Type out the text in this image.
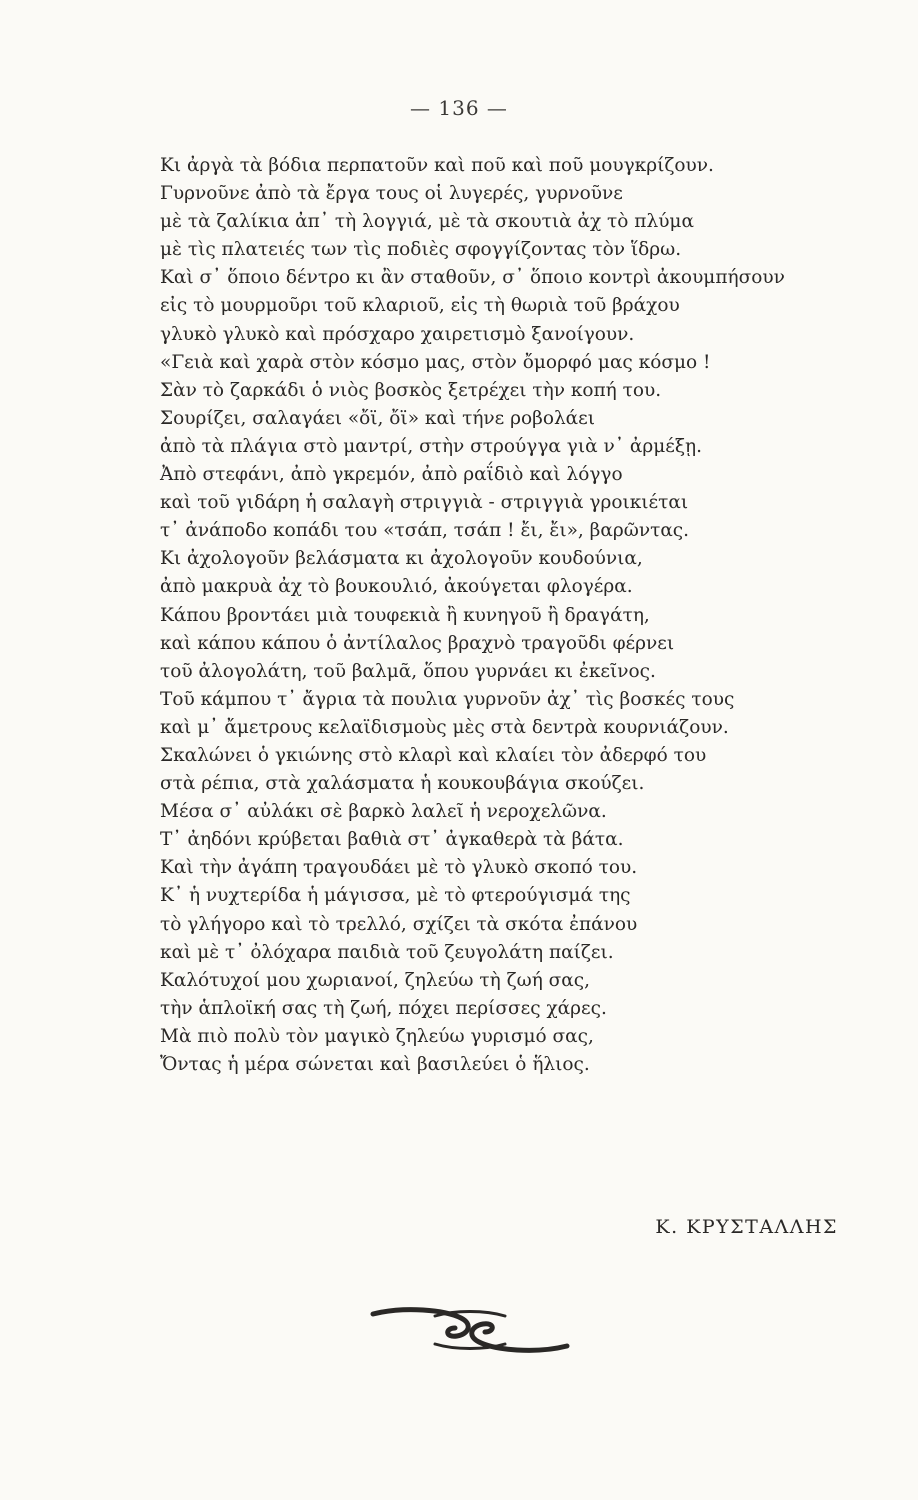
— 136 —
Κι ἀργὰ τὰ βόδια περπατοῦν καὶ ποῦ καὶ ποῦ μουγκρίζουν.
Γυρνοῦνε ἀπὸ τὰ ἔργα τους οἱ λυγερές, γυρνοῦνε
μὲ τὰ ζαλίκια ἀπ᾿ τὴ λογγιά, μὲ τὰ σκουτιὰ ἀχ τὸ πλύμα
μὲ τὶς πλατειές των τὶς ποδιὲς σφογγίζοντας τὸν ἵδρω.
Καὶ σ᾿ ὅποιο δέντρο κι ἂν σταθοῦν, σ᾿ ὅποιο κοντρὶ ἀκουμπήσουν
εἰς τὸ μουρμοῦρι τοῦ κλαριοῦ, εἰς τὴ θωριὰ τοῦ βράχου
γλυκὸ γλυκὸ καὶ πρόσχαρο χαιρετισμὸ ξανοίγουν.
«Γειὰ καὶ χαρὰ στὸν κόσμο μας, στὸν ὄμορφό μας κόσμο !
Σὰν τὸ ζαρκάδι ὁ νιὸς βοσκὸς ξετρέχει τὴν κοπή του.
Σουρίζει, σαλαγάει «ὄϊ, ὄϊ» καὶ τήνε ροβολάει
ἀπὸ τὰ πλάγια στὸ μαντρί, στὴν στρούγγα γιὰ ν᾿ ἀρμέξῃ.
Ἀπὸ στεφάνι, ἀπὸ γκρεμόν, ἀπὸ ραΐδιὸ καὶ λόγγο
καὶ τοῦ γιδάρη ἡ σαλαγὴ στριγγιὰ - στριγγιὰ γροικιέται
τ᾿ ἀνάποδο κοπάδι του «τσάπ, τσάπ ! ἔι, ἔι», βαρῶντας.
Κι ἀχολογοῦν βελάσματα κι ἀχολογοῦν κουδούνια,
ἀπὸ μακρυὰ ἀχ τὸ βουκουλιό, ἀκούγεται φλογέρα.
Κάπου βροντάει μιὰ τουφεκιὰ ἢ κυνηγοῦ ἢ δραγάτη,
καὶ κάπου κάπου ὁ ἀντίλαλος βραχνὸ τραγοῦδι φέρνει
τοῦ ἀλογολάτη, τοῦ βαλμᾶ, ὅπου γυρνάει κι ἐκεῖνος.
Τοῦ κάμπου τ᾿ ἄγρια τὰ πουλια γυρνοῦν ἀχ᾿ τὶς βοσκές τους
καὶ μ᾿ ἄμετρους κελαϊδισμοὺς μὲς στὰ δεντρὰ κουρνιάζουν.
Σκαλώνει ὁ γκιώνης στὸ κλαρὶ καὶ κλαίει τὸν ἀδερφό του
στὰ ρέπια, στὰ χαλάσματα ἡ κουκουβάγια σκούζει.
Μέσα σ᾿ αὐλάκι σὲ βαρκὸ λαλεῖ ἡ νεροχελῶνα.
Τ᾿ ἀηδόνι κρύβεται βαθιὰ στ᾿ ἀγκαθερὰ τὰ βάτα.
Καὶ τὴν ἀγάπη τραγουδάει μὲ τὸ γλυκὸ σκοπό του.
Κ᾿ ἡ νυχτερίδα ἡ μάγισσα, μὲ τὸ φτερούγισμά της
τὸ γλήγορο καὶ τὸ τρελλό, σχίζει τὰ σκότα ἐπάνου
καὶ μὲ τ᾿ ὀλόχαρα παιδιὰ τοῦ ζευγολάτη παίζει.
Καλότυχοί μου χωριανοί, ζηλεύω τὴ ζωή σας,
τὴν ἁπλοϊκή σας τὴ ζωή, πόχει περίσσες χάρες.
Μὰ πιὸ πολὺ τὸν μαγικὸ ζηλεύω γυρισμό σας,
Ὄντας ἡ μέρα σώνεται καὶ βασιλεύει ὁ ἥλιος.
Κ. ΚΡΥΣΤΑΛΛΗΣ
